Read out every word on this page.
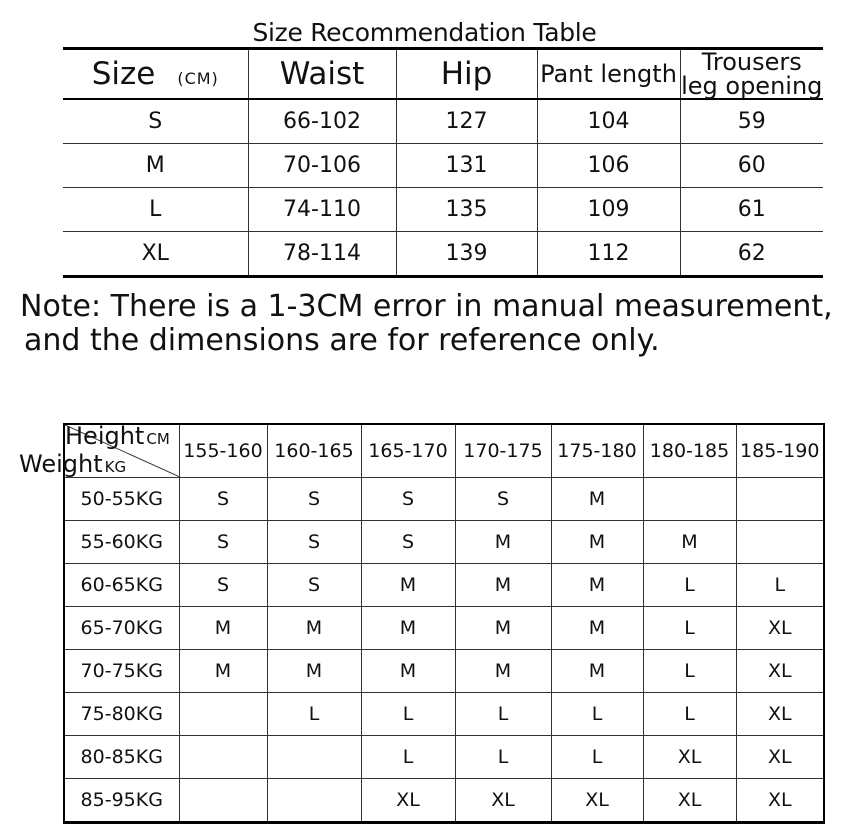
Size Recommendation Table
Size (CM)	Waist	Hip	Pant length	Trousers leg opening
S	66-102	127	104	59
M	70-106	131	106	60
L	74-110	135	109	61
XL	78-114	139	112	62
Note: There is a 1-3CM error in manual measurement,
and the dimensions are for reference only.
Height CM
Weight KG	155-160	160-165	165-170	170-175	175-180	180-185	185-190
50-55KG	S	S	S	S	M		
55-60KG	S	S	S	M	M	M	
60-65KG	S	S	M	M	M	L	L
65-70KG	M	M	M	M	M	L	XL
70-75KG	M	M	M	M	M	L	XL
75-80KG		L	L	L	L	L	XL
80-85KG			L	L	L	XL	XL
85-95KG			XL	XL	XL	XL	XL
